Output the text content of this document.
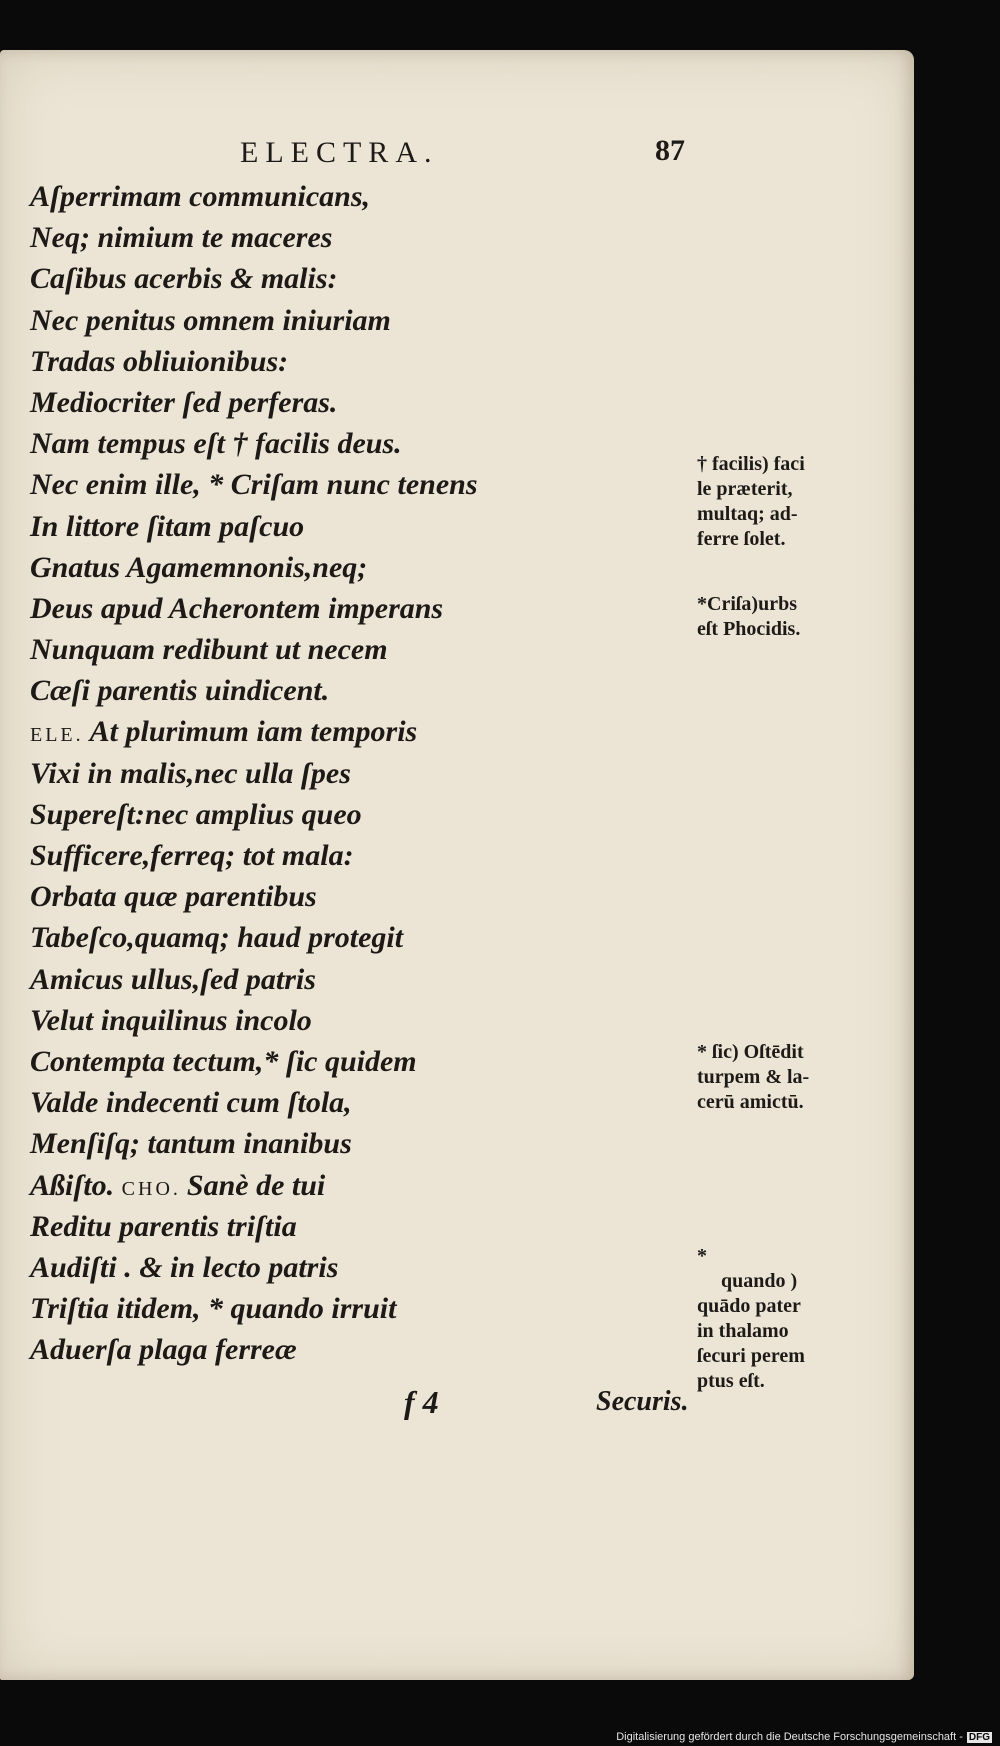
ELECTRA.	87
Aſperrimam communicans,
Neq; nimium te maceres
Caſibus acerbis & malis:
Nec penitus omnem iniuriam
Tradas obliuionibus:
Mediocriter ſed perferas.
Nam tempus eſt † facilis deus.
Nec enim ille, * Criſam nunc tenens
In littore ſitam paſcuo
Gnatus Agamemnonis,neq;
Deus apud Acherontem imperans
Nunquam redibunt ut necem
Cæſi parentis uindicent.
ELE. At plurimum iam temporis
Vixi in malis,nec ulla ſpes
Supereſt:nec amplius queo
Sufficere,ferreq; tot mala:
Orbata quæ parentibus
Tabeſco,quamq; haud protegit
Amicus ullus,ſed patris
Velut inquilinus incolo
Contempta tectum,* ſic quidem
Valde indecenti cum ſtola,
Menſiſq; tantum inanibus
Aßiſto. CHO. Sanè de tui
Reditu parentis triſtia
Audiſti . & in lecto patris
Triſtia itidem, * quando irruit
Aduerſa plaga ferreæ
† facilis) faci
le præterit,
multaq; ad-
ferre ſolet.
*Criſa)urbs
eſt Phocidis.
* ſic) Oſtēdit
turpem & la-
cerū amictū.
*
quando )
quādo pater
in thalamo
ſecuri perem
ptus eſt.
f 4	Securis.
Digitalisierung gefördert durch die Deutsche Forschungsgemeinschaft - DFG
